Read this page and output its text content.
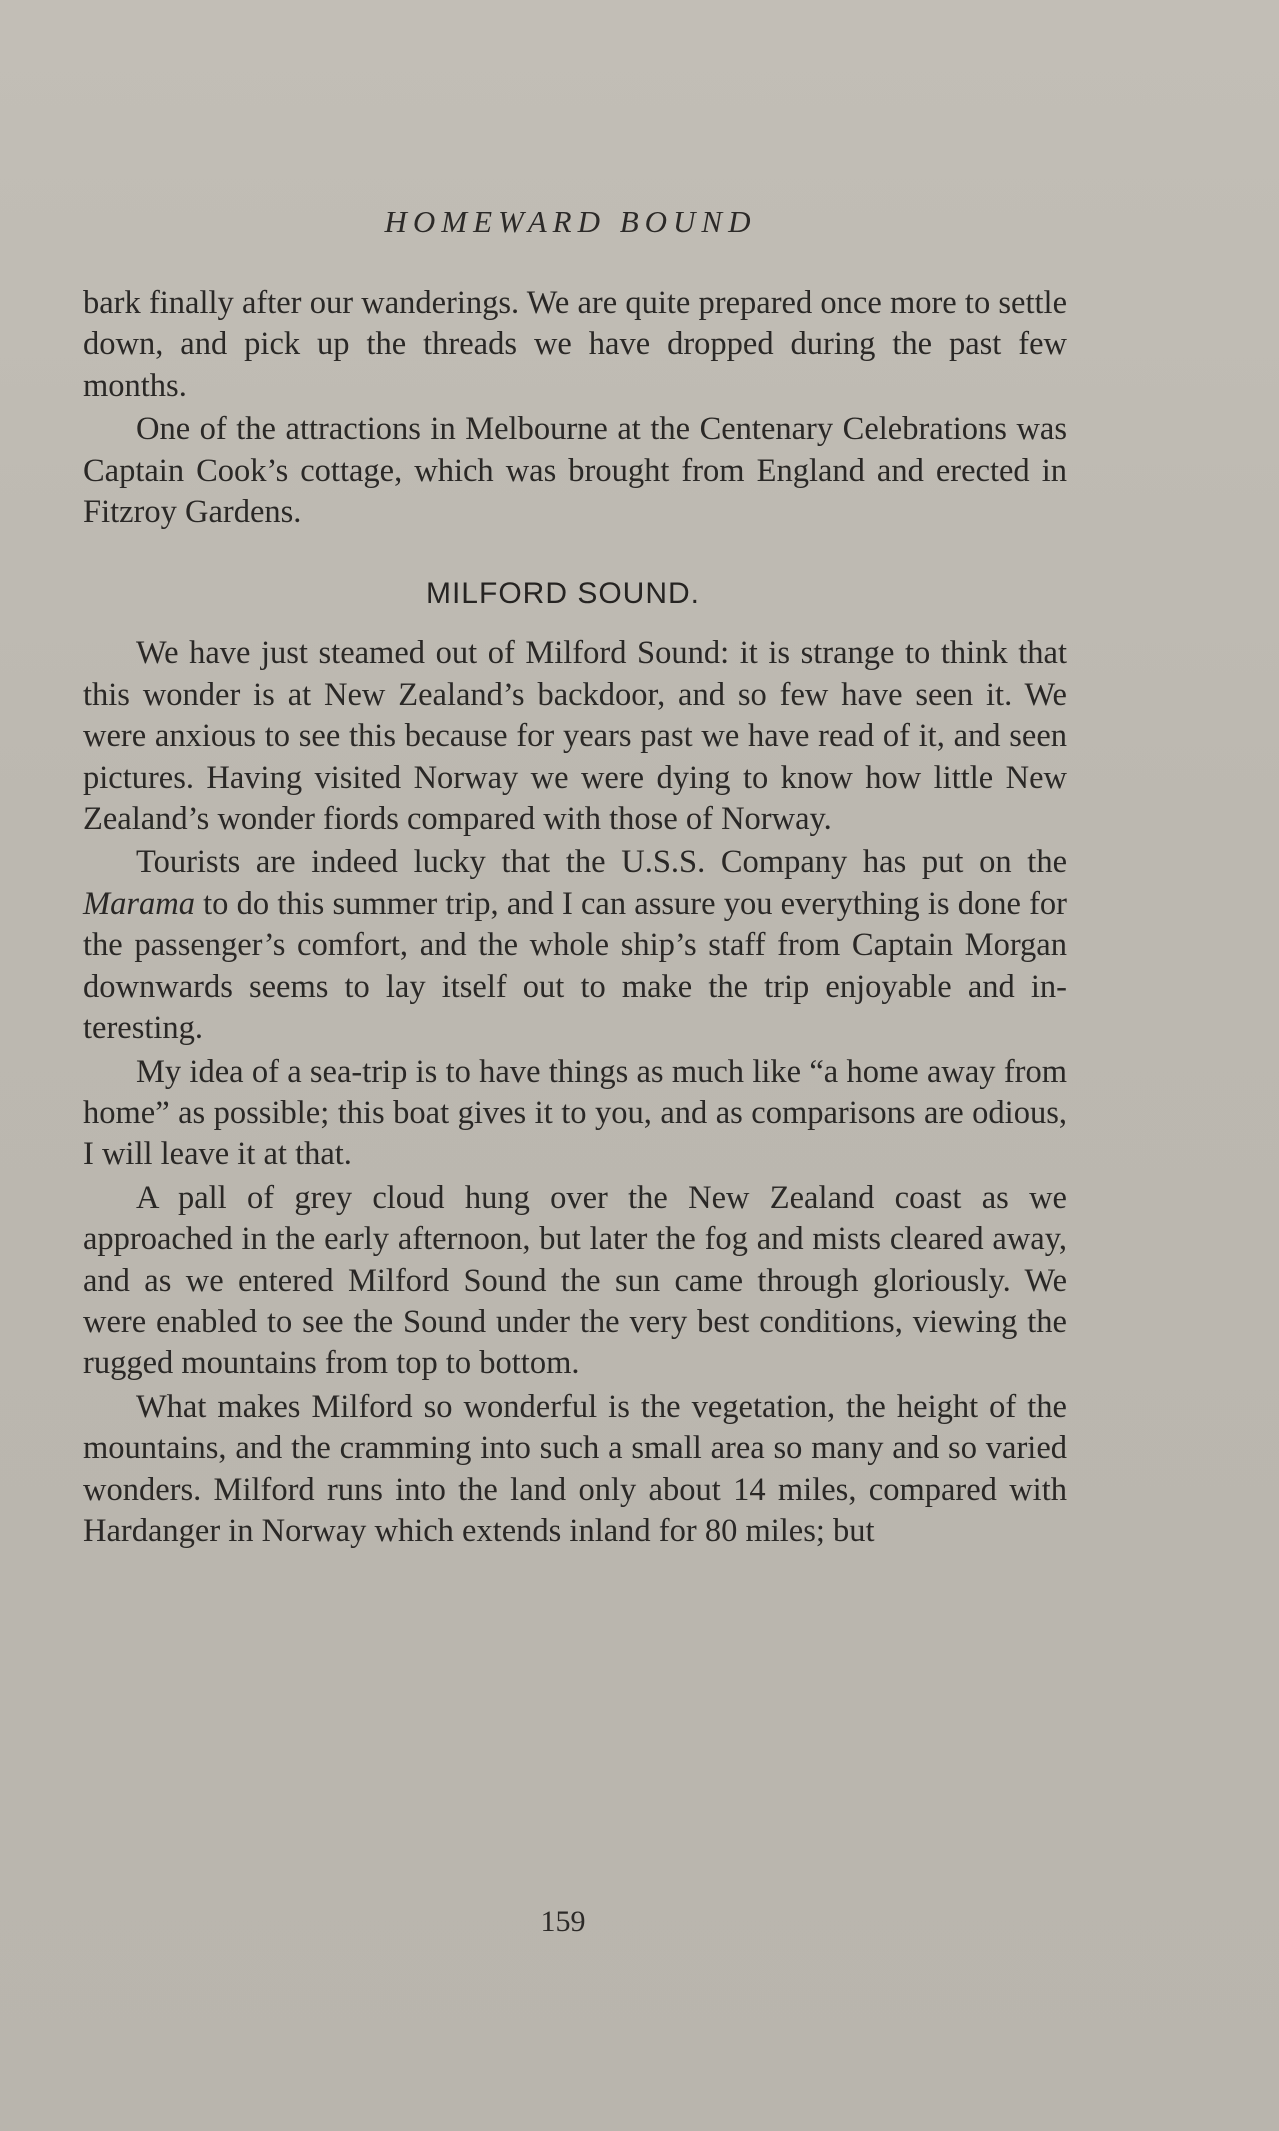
HOMEWARD BOUND

bark finally after our wanderings. We are quite prepared once more to settle down, and pick up the threads we have dropped during the past few months.

One of the attractions in Melbourne at the Centenary Celebrations was Captain Cook’s cottage, which was brought from England and erected in Fitzroy Gardens.

MILFORD SOUND.

We have just steamed out of Milford Sound: it is strange to think that this wonder is at New Zealand’s backdoor, and so few have seen it. We were anxious to see this because for years past we have read of it, and seen pictures. Having visited Norway we were dying to know how little New Zealand’s wonder fiords compared with those of Norway.

Tourists are indeed lucky that the U.S.S. Company has put on the Marama to do this summer trip, and I can assure you everything is done for the passenger’s comfort, and the whole ship’s staff from Captain Morgan downwards seems to lay itself out to make the trip enjoyable and interesting.

My idea of a sea-trip is to have things as much like “a home away from home” as possible; this boat gives it to you, and as comparisons are odious, I will leave it at that.

A pall of grey cloud hung over the New Zealand coast as we approached in the early afternoon, but later the fog and mists cleared away, and as we entered Milford Sound the sun came through gloriously. We were enabled to see the Sound under the very best conditions, viewing the rugged mountains from top to bottom.

What makes Milford so wonderful is the vegetation, the height of the mountains, and the cramming into such a small area so many and so varied wonders. Milford runs into the land only about 14 miles, compared with Hardanger in Norway which extends inland for 80 miles; but

159
